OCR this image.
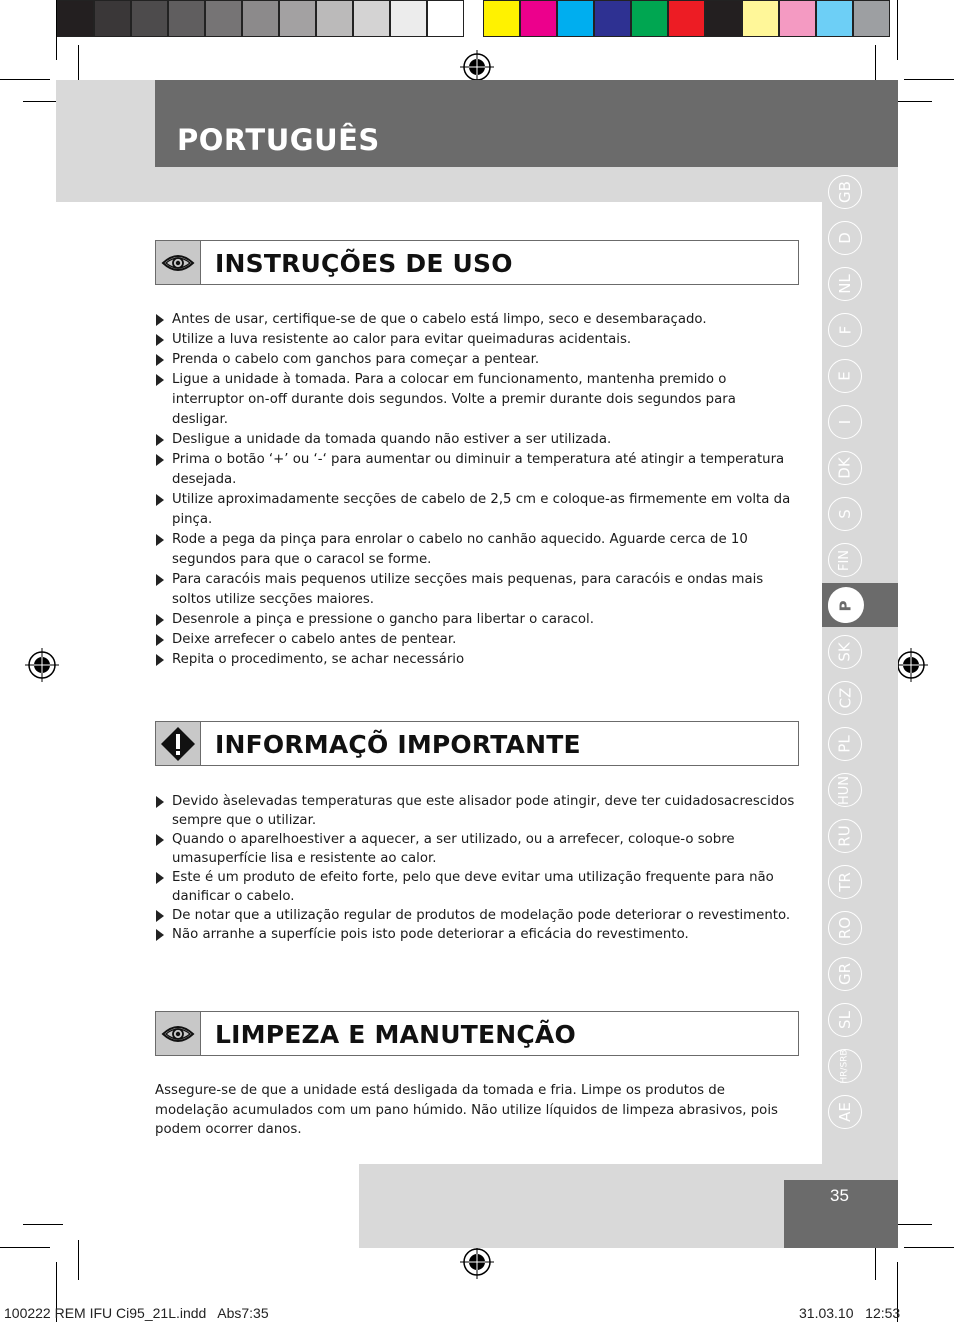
PORTUGUÊS
GB
D
NL
F
E
I
DK
S
FIN
P
SK
CZ
PL
HUN
RU
TR
RO
GR
SL
HR/SRB
AE
INSTRUÇÕES DE USO
Antes de usar, certifique-se de que o cabelo está limpo, seco e desembaraçado.
Utilize a luva resistente ao calor para evitar queimaduras acidentais.
Prenda o cabelo com ganchos para começar a pentear.
Ligue a unidade à tomada. Para a colocar em funcionamento, mantenha premido o interruptor on-off durante dois segundos. Volte a premir durante dois segundos para desligar.
Desligue a unidade da tomada quando não estiver a ser utilizada.
Prima o botão ‘+’ ou ‘-‘ para aumentar ou diminuir a temperatura até atingir a temperatura desejada.
Utilize aproximadamente secções de cabelo de 2,5 cm e coloque-as firmemente em volta da pinça.
Rode a pega da pinça para enrolar o cabelo no canhão aquecido. Aguarde cerca de 10 segundos para que o caracol se forme.
Para caracóis mais pequenos utilize secções mais pequenas, para caracóis e ondas mais soltos utilize secções maiores.
Desenrole a pinça e pressione o gancho para libertar o caracol.
Deixe arrefecer o cabelo antes de pentear.
Repita o procedimento, se achar necessário
INFORMAÇÕ IMPORTANTE
Devido àselevadas temperaturas que este alisador pode atingir, deve ter cuidadosacrescidos sempre que o utilizar.
Quando o aparelhoestiver a aquecer, a ser utilizado, ou a arrefecer, coloque-o sobre umasuperfície lisa e resistente ao calor.
Este é um produto de efeito forte, pelo que deve evitar uma utilização frequente para não danificar o cabelo.
De notar que a utilização regular de produtos de modelação pode deteriorar o revestimento.
Não arranhe a superfície pois isto pode deteriorar a eficácia do revestimento.
LIMPEZA E MANUTENÇÃO

Assegure-se de que a unidade está desligada da tomada e fria. Limpe os produtos de modelação acumulados com um pano húmido. Não utilize líquidos de limpeza abrasivos, pois podem ocorrer danos.

35
100222 REM IFU Ci95_21L.indd   Abs7:35	31.03.10   12:53
